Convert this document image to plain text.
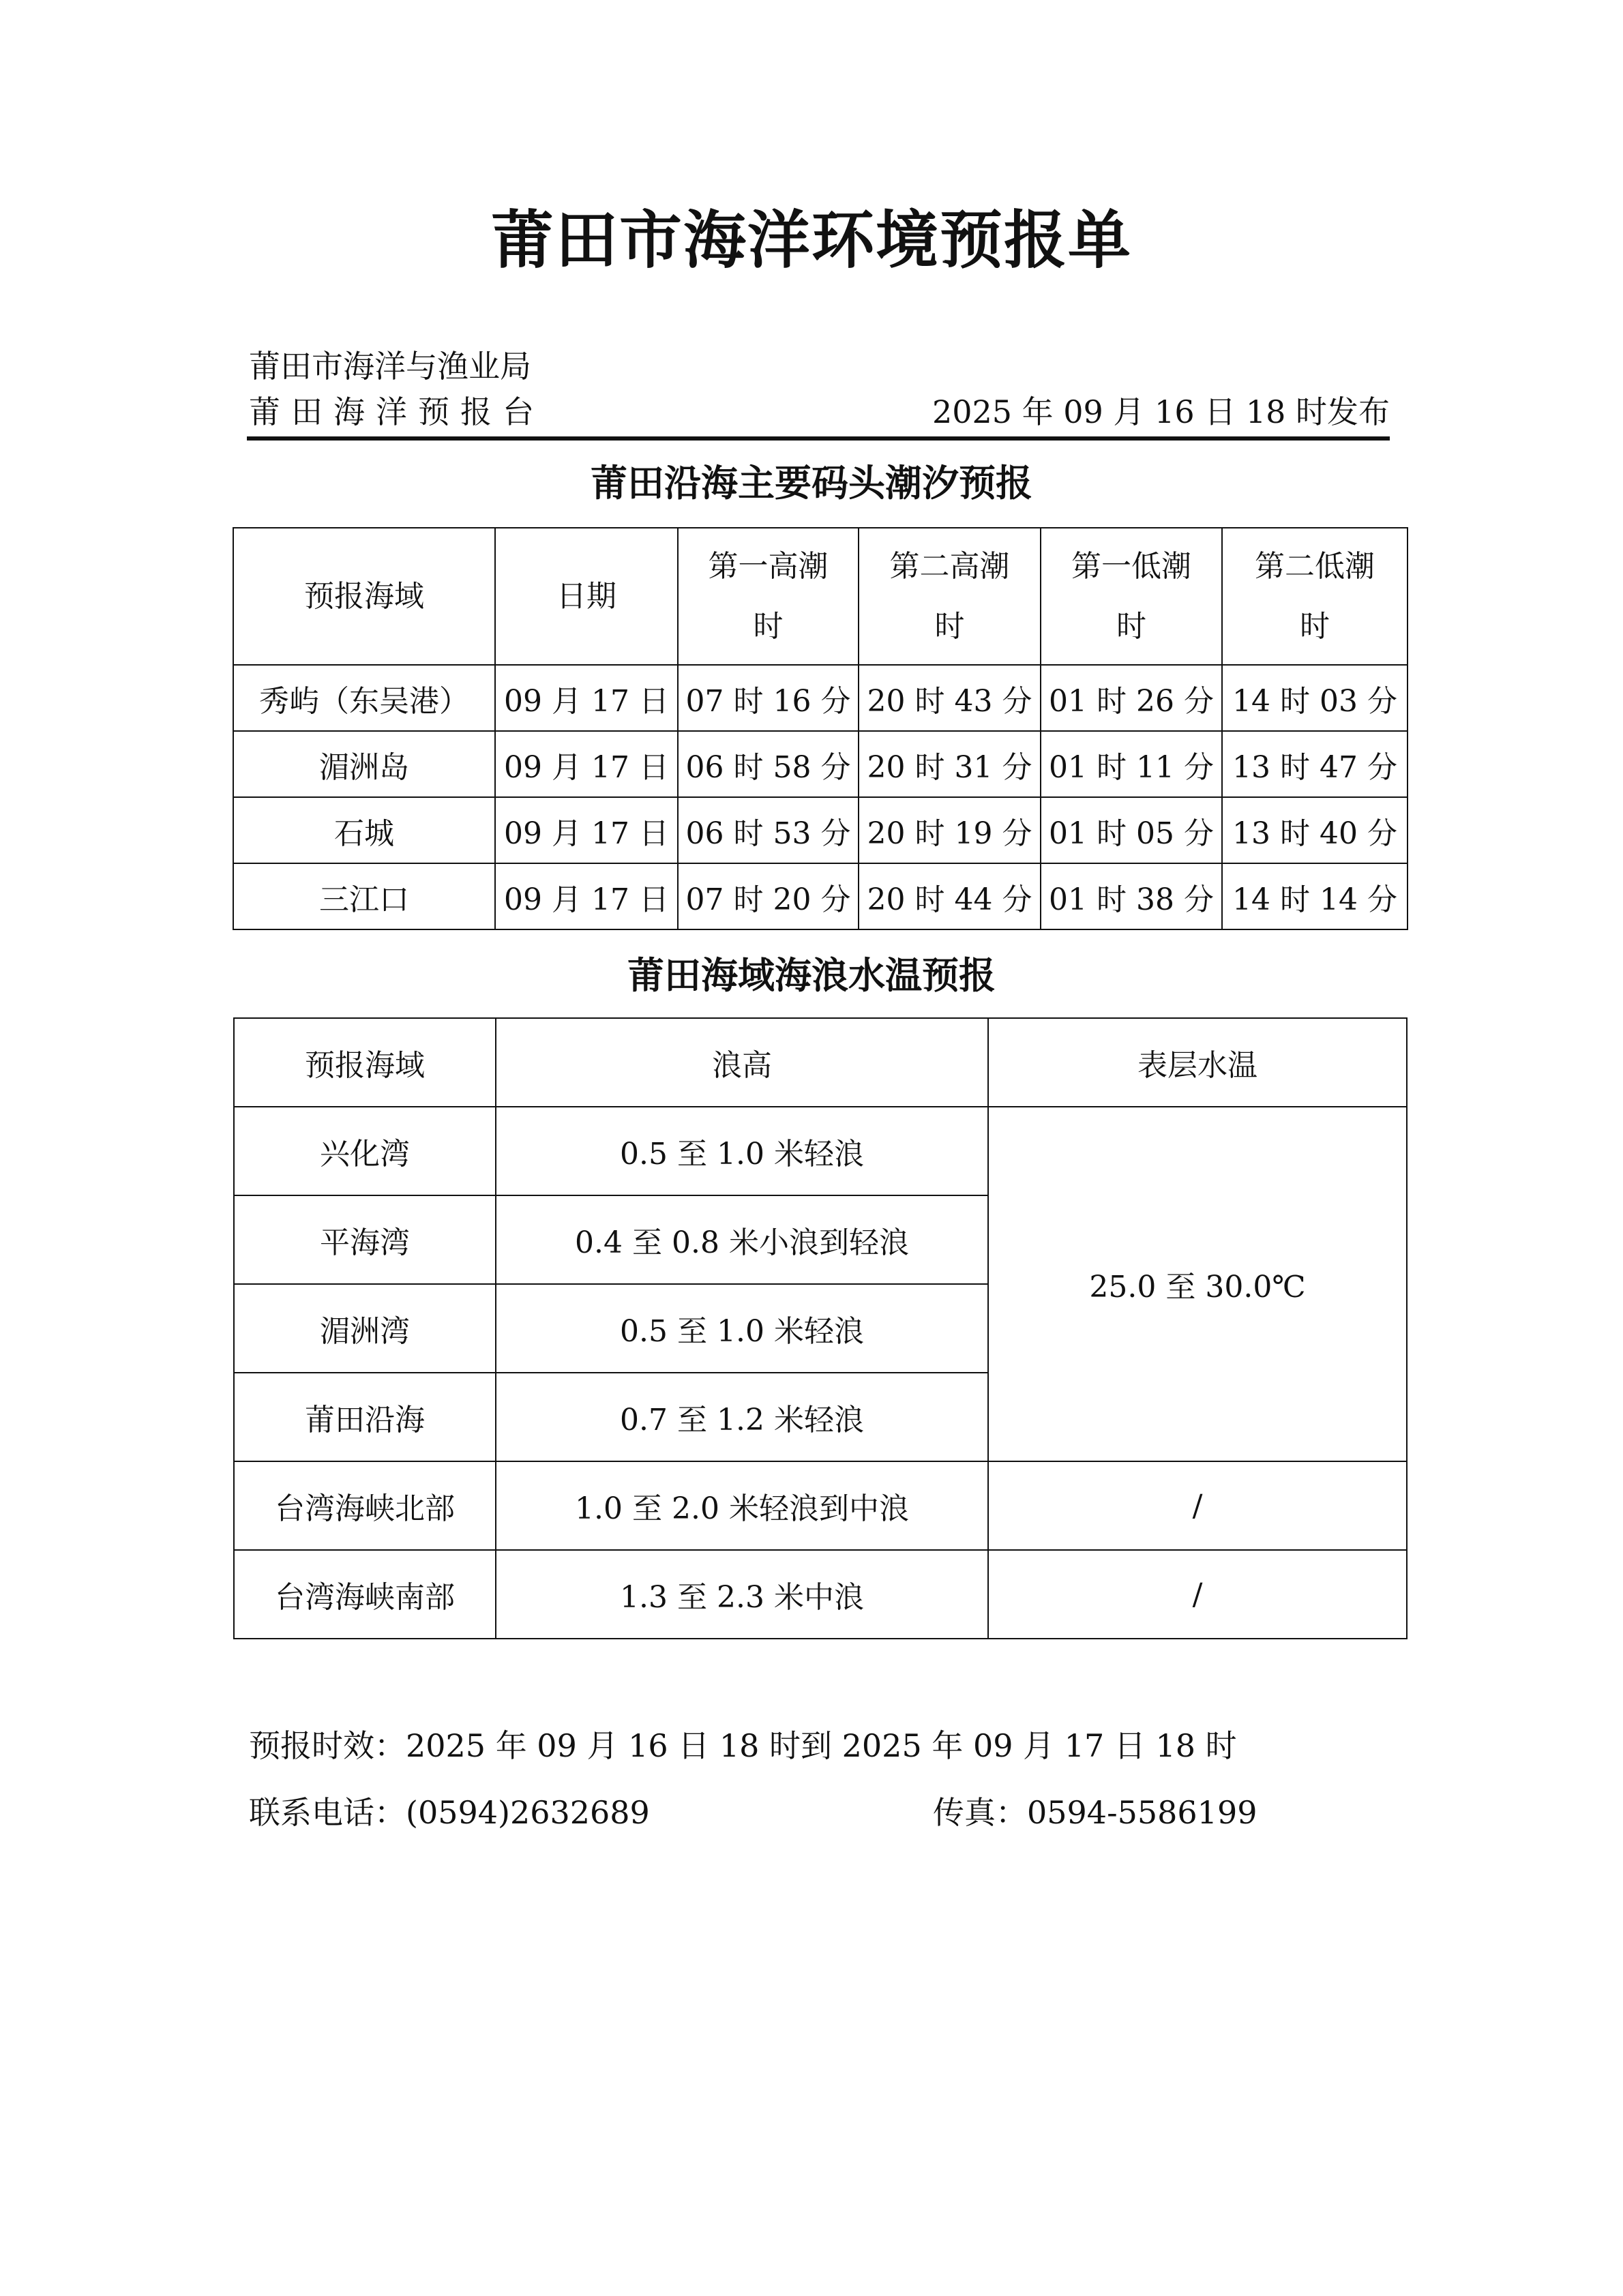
莆田市海洋环境预报单
莆田市海洋与渔业局
莆田海洋预报台	2025 年 09 月 16 日 18 时发布
莆田沿海主要码头潮汐预报
预报海域	日期	第一高潮时	第二高潮时	第一低潮时	第二低潮时
秀屿（东吴港）	09 月 17 日	07 时 16 分	20 时 43 分	01 时 26 分	14 时 03 分
湄洲岛	09 月 17 日	06 时 58 分	20 时 31 分	01 时 11 分	13 时 47 分
石城	09 月 17 日	06 时 53 分	20 时 19 分	01 时 05 分	13 时 40 分
三江口	09 月 17 日	07 时 20 分	20 时 44 分	01 时 38 分	14 时 14 分
莆田海域海浪水温预报
预报海域	浪高	表层水温
兴化湾	0.5 至 1.0 米轻浪	25.0 至 30.0℃
平海湾	0.4 至 0.8 米小浪到轻浪	
湄洲湾	0.5 至 1.0 米轻浪	
莆田沿海	0.7 至 1.2 米轻浪	
台湾海峡北部	1.0 至 2.0 米轻浪到中浪	/
台湾海峡南部	1.3 至 2.3 米中浪	/
预报时效：2025 年 09 月 16 日 18 时到 2025 年 09 月 17 日 18 时
联系电话：(0594)2632689	传真：0594-5586199
